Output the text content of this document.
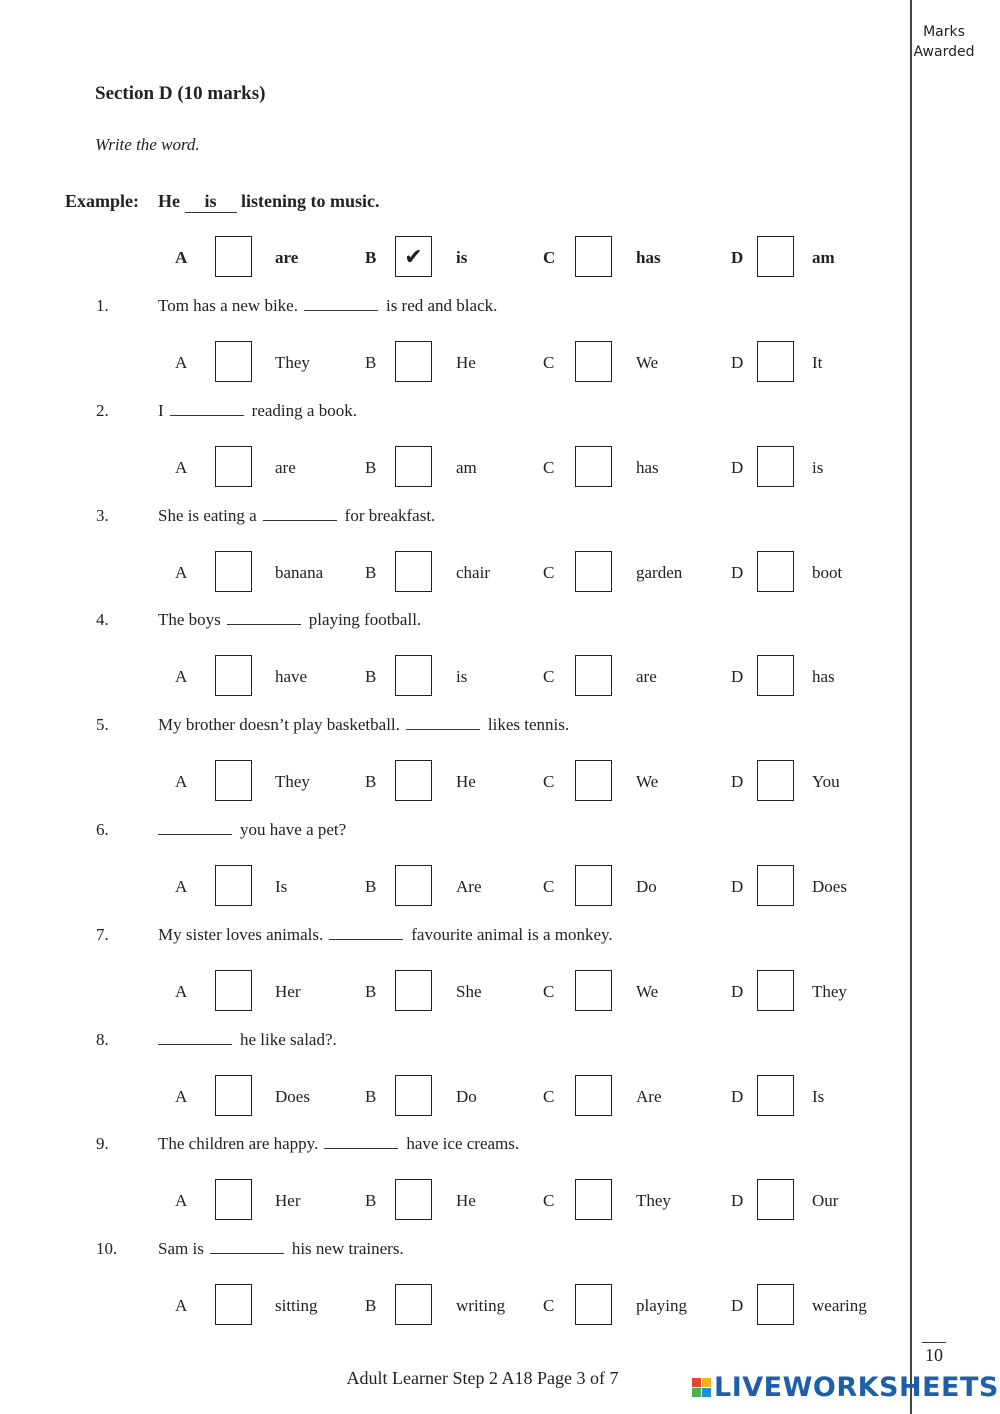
Marks
Awarded
Section D (10 marks)
Write the word.
Example: He is listening to music.
A	are	B	✔	is	C	has	D	am
1.	Tom has a new bike.	is red and black.
A	They	B	He	C	We	D	It
2.	I	reading a book.
A	are	B	am	C	has	D	is
3.	She is eating a	for breakfast.
A	banana B	chair	C	garden	D	boot
4.	The boys	playing football.
A	have	B	is	C	are	D	has
5.	My brother doesn’t play basketball.	likes tennis.
A	They	B	He	C	We	D	You
6.	you have a pet?
A	Is	B	Are	C	Do	D	Does
7.	My sister loves animals.	favourite animal is a monkey.
A	Her	B	She	C	We	D	They
8.	he like salad?.
A	Does	B	Do	C	Are	D	Is
9.	The children are happy.	have ice creams.
A	Her	B	He	C	They	D	Our
10. Sam is	his new trainers.
A	sitting	B	writing C	playing	D	wearing
10
Adult Learner Step 2 A18 Page 3 of 7	LIVEWORKSHEETS
